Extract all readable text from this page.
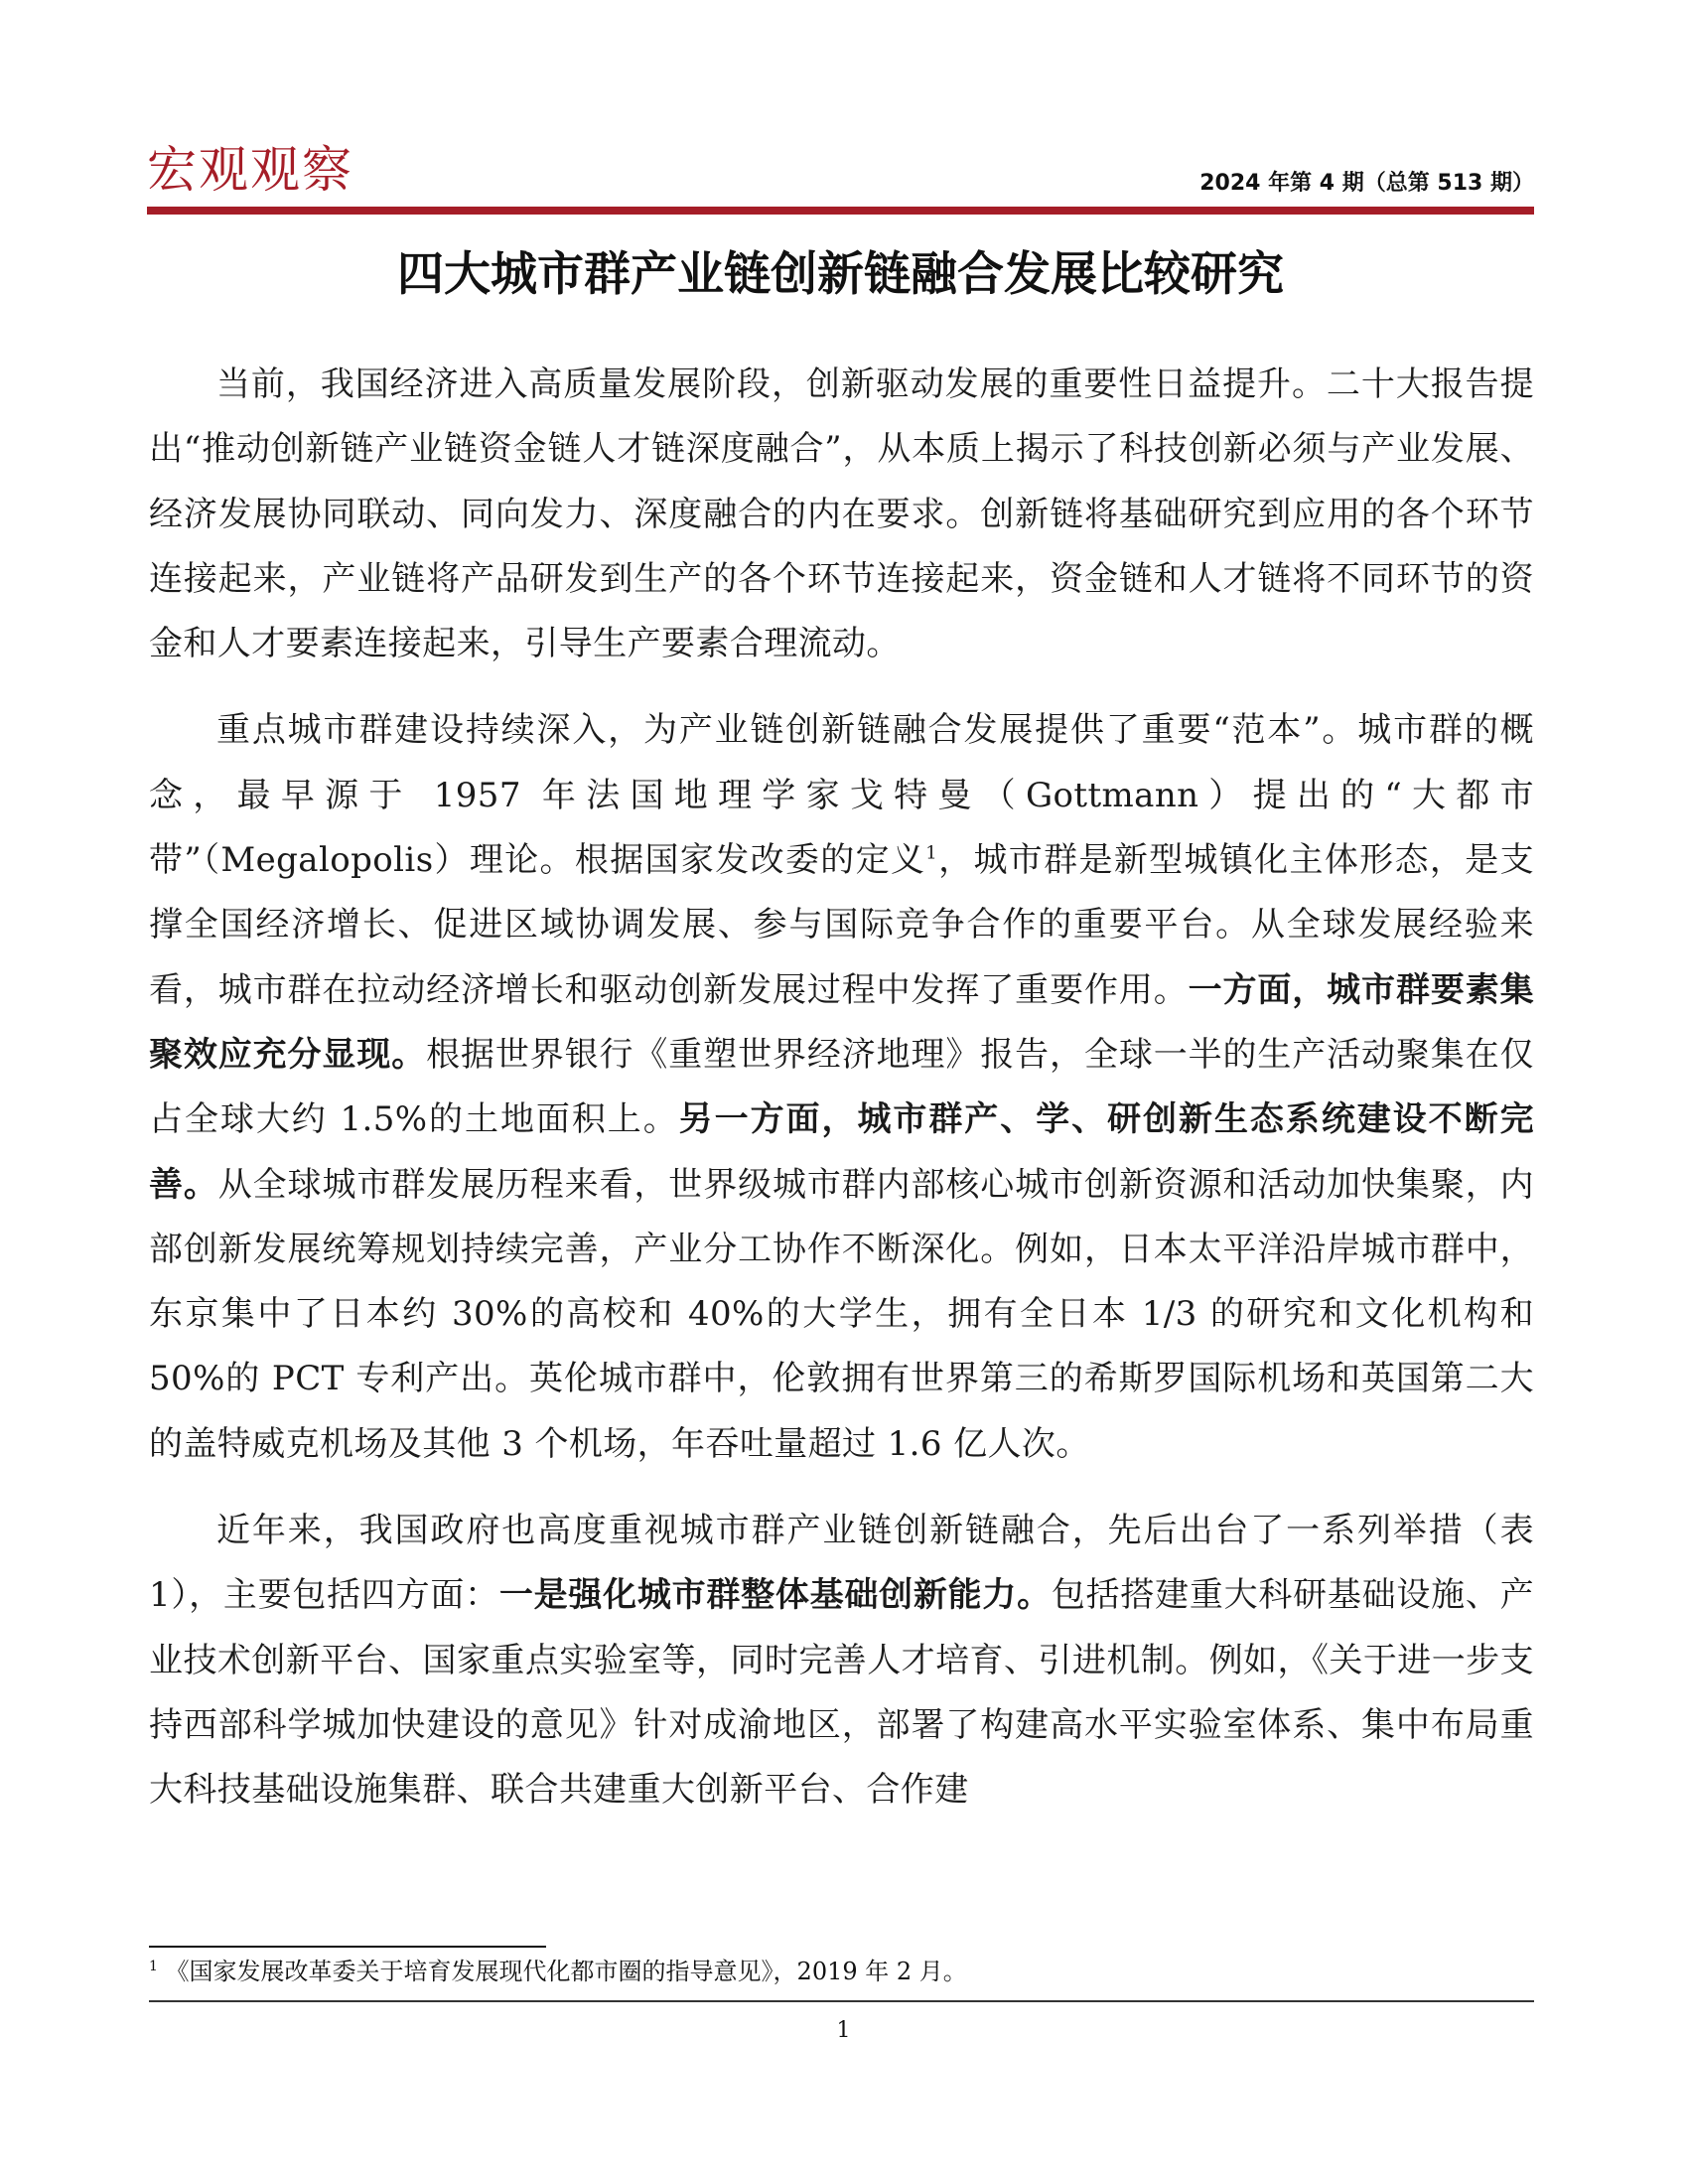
宏观观察	2024 年第 4 期（总第 513 期）
四大城市群产业链创新链融合发展比较研究

当前，我国经济进入高质量发展阶段，创新驱动发展的重要性日益提升。二十大报告提出“推动创新链产业链资金链人才链深度融合”，从本质上揭示了科技创新必须与产业发展、经济发展协同联动、同向发力、深度融合的内在要求。创新链将基础研究到应用的各个环节连接起来，产业链将产品研发到生产的各个环节连接起来，资金链和人才链将不同环节的资金和人才要素连接起来，引导生产要素合理流动。

重点城市群建设持续深入，为产业链创新链融合发展提供了重要“范本”。城市群的概念，最早源于 1957 年法国地理学家戈特曼（Gottmann）提出的“大都市带”（Megalopolis）理论。根据国家发改委的定义$^1$，城市群是新型城镇化主体形态，是支撑全国经济增长、促进区域协调发展、参与国际竞争合作的重要平台。从全球发展经验来看，城市群在拉动经济增长和驱动创新发展过程中发挥了重要作用。一方面，城市群要素集聚效应充分显现。根据世界银行《重塑世界经济地理》报告，全球一半的生产活动聚集在仅占全球大约 1.5%的土地面积上。另一方面，城市群产、学、研创新生态系统建设不断完善。从全球城市群发展历程来看，世界级城市群内部核心城市创新资源和活动加快集聚，内部创新发展统筹规划持续完善，产业分工协作不断深化。例如，日本太平洋沿岸城市群中，东京集中了日本约 30%的高校和 40%的大学生，拥有全日本 1/3 的研究和文化机构和 50%的 PCT 专利产出。英伦城市群中，伦敦拥有世界第三的希斯罗国际机场和英国第二大的盖特威克机场及其他 3 个机场，年吞吐量超过 1.6 亿人次。

近年来，我国政府也高度重视城市群产业链创新链融合，先后出台了一系列举措（表 1），主要包括四方面：一是强化城市群整体基础创新能力。包括搭建重大科研基础设施、产业技术创新平台、国家重点实验室等，同时完善人才培育、引进机制。例如，《关于进一步支持西部科学城加快建设的意见》针对成渝地区，部署了构建高水平实验室体系、集中布局重大科技基础设施集群、联合共建重大创新平台、合作建

$^1$ 《国家发展改革委关于培育发展现代化都市圈的指导意见》，2019 年 2 月。
1
